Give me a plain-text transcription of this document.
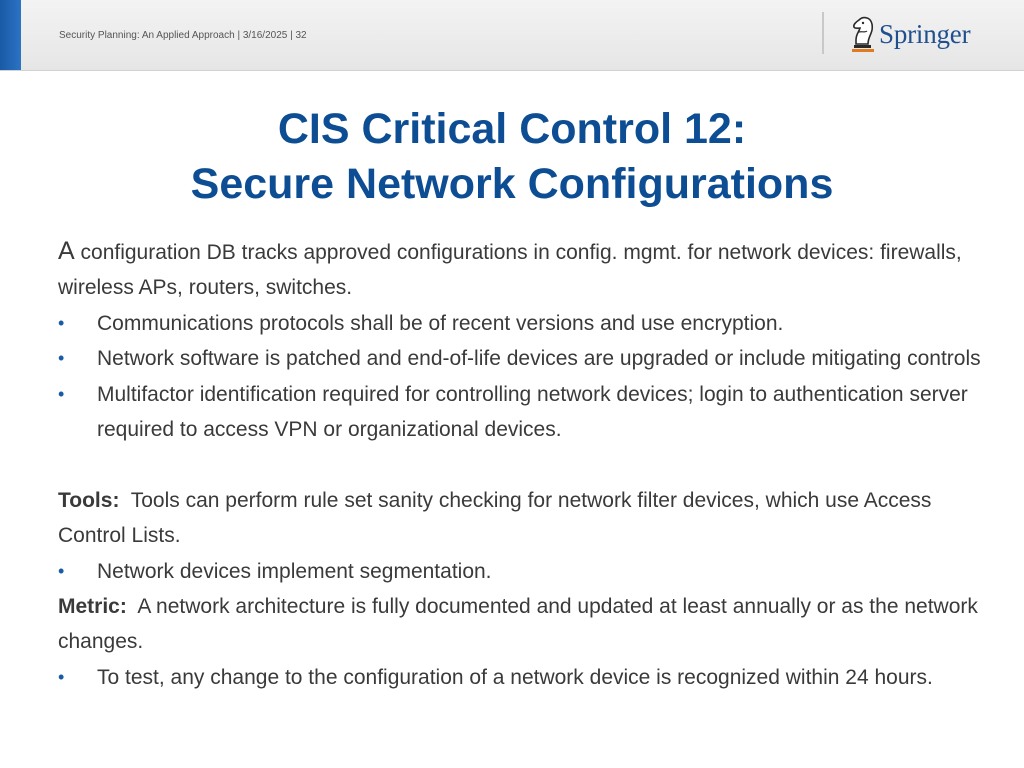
Security Planning: An Applied Approach | 3/16/2025 | 32	Springer
CIS Critical Control 12:
Secure Network Configurations

A configuration DB tracks approved configurations in config. mgmt. for network devices: firewalls, wireless APs, routers, switches.

• Communications protocols shall be of recent versions and use encryption.

• Network software is patched and end-of-life devices are upgraded or include mitigating controls

• Multifactor identification required for controlling network devices; login to authentication server required to access VPN or organizational devices.

Tools:  Tools can perform rule set sanity checking for network filter devices, which use Access Control Lists.

• Network devices implement segmentation.

Metric:  A network architecture is fully documented and updated at least annually or as the network changes.

• To test, any change to the configuration of a network device is recognized within 24 hours.
